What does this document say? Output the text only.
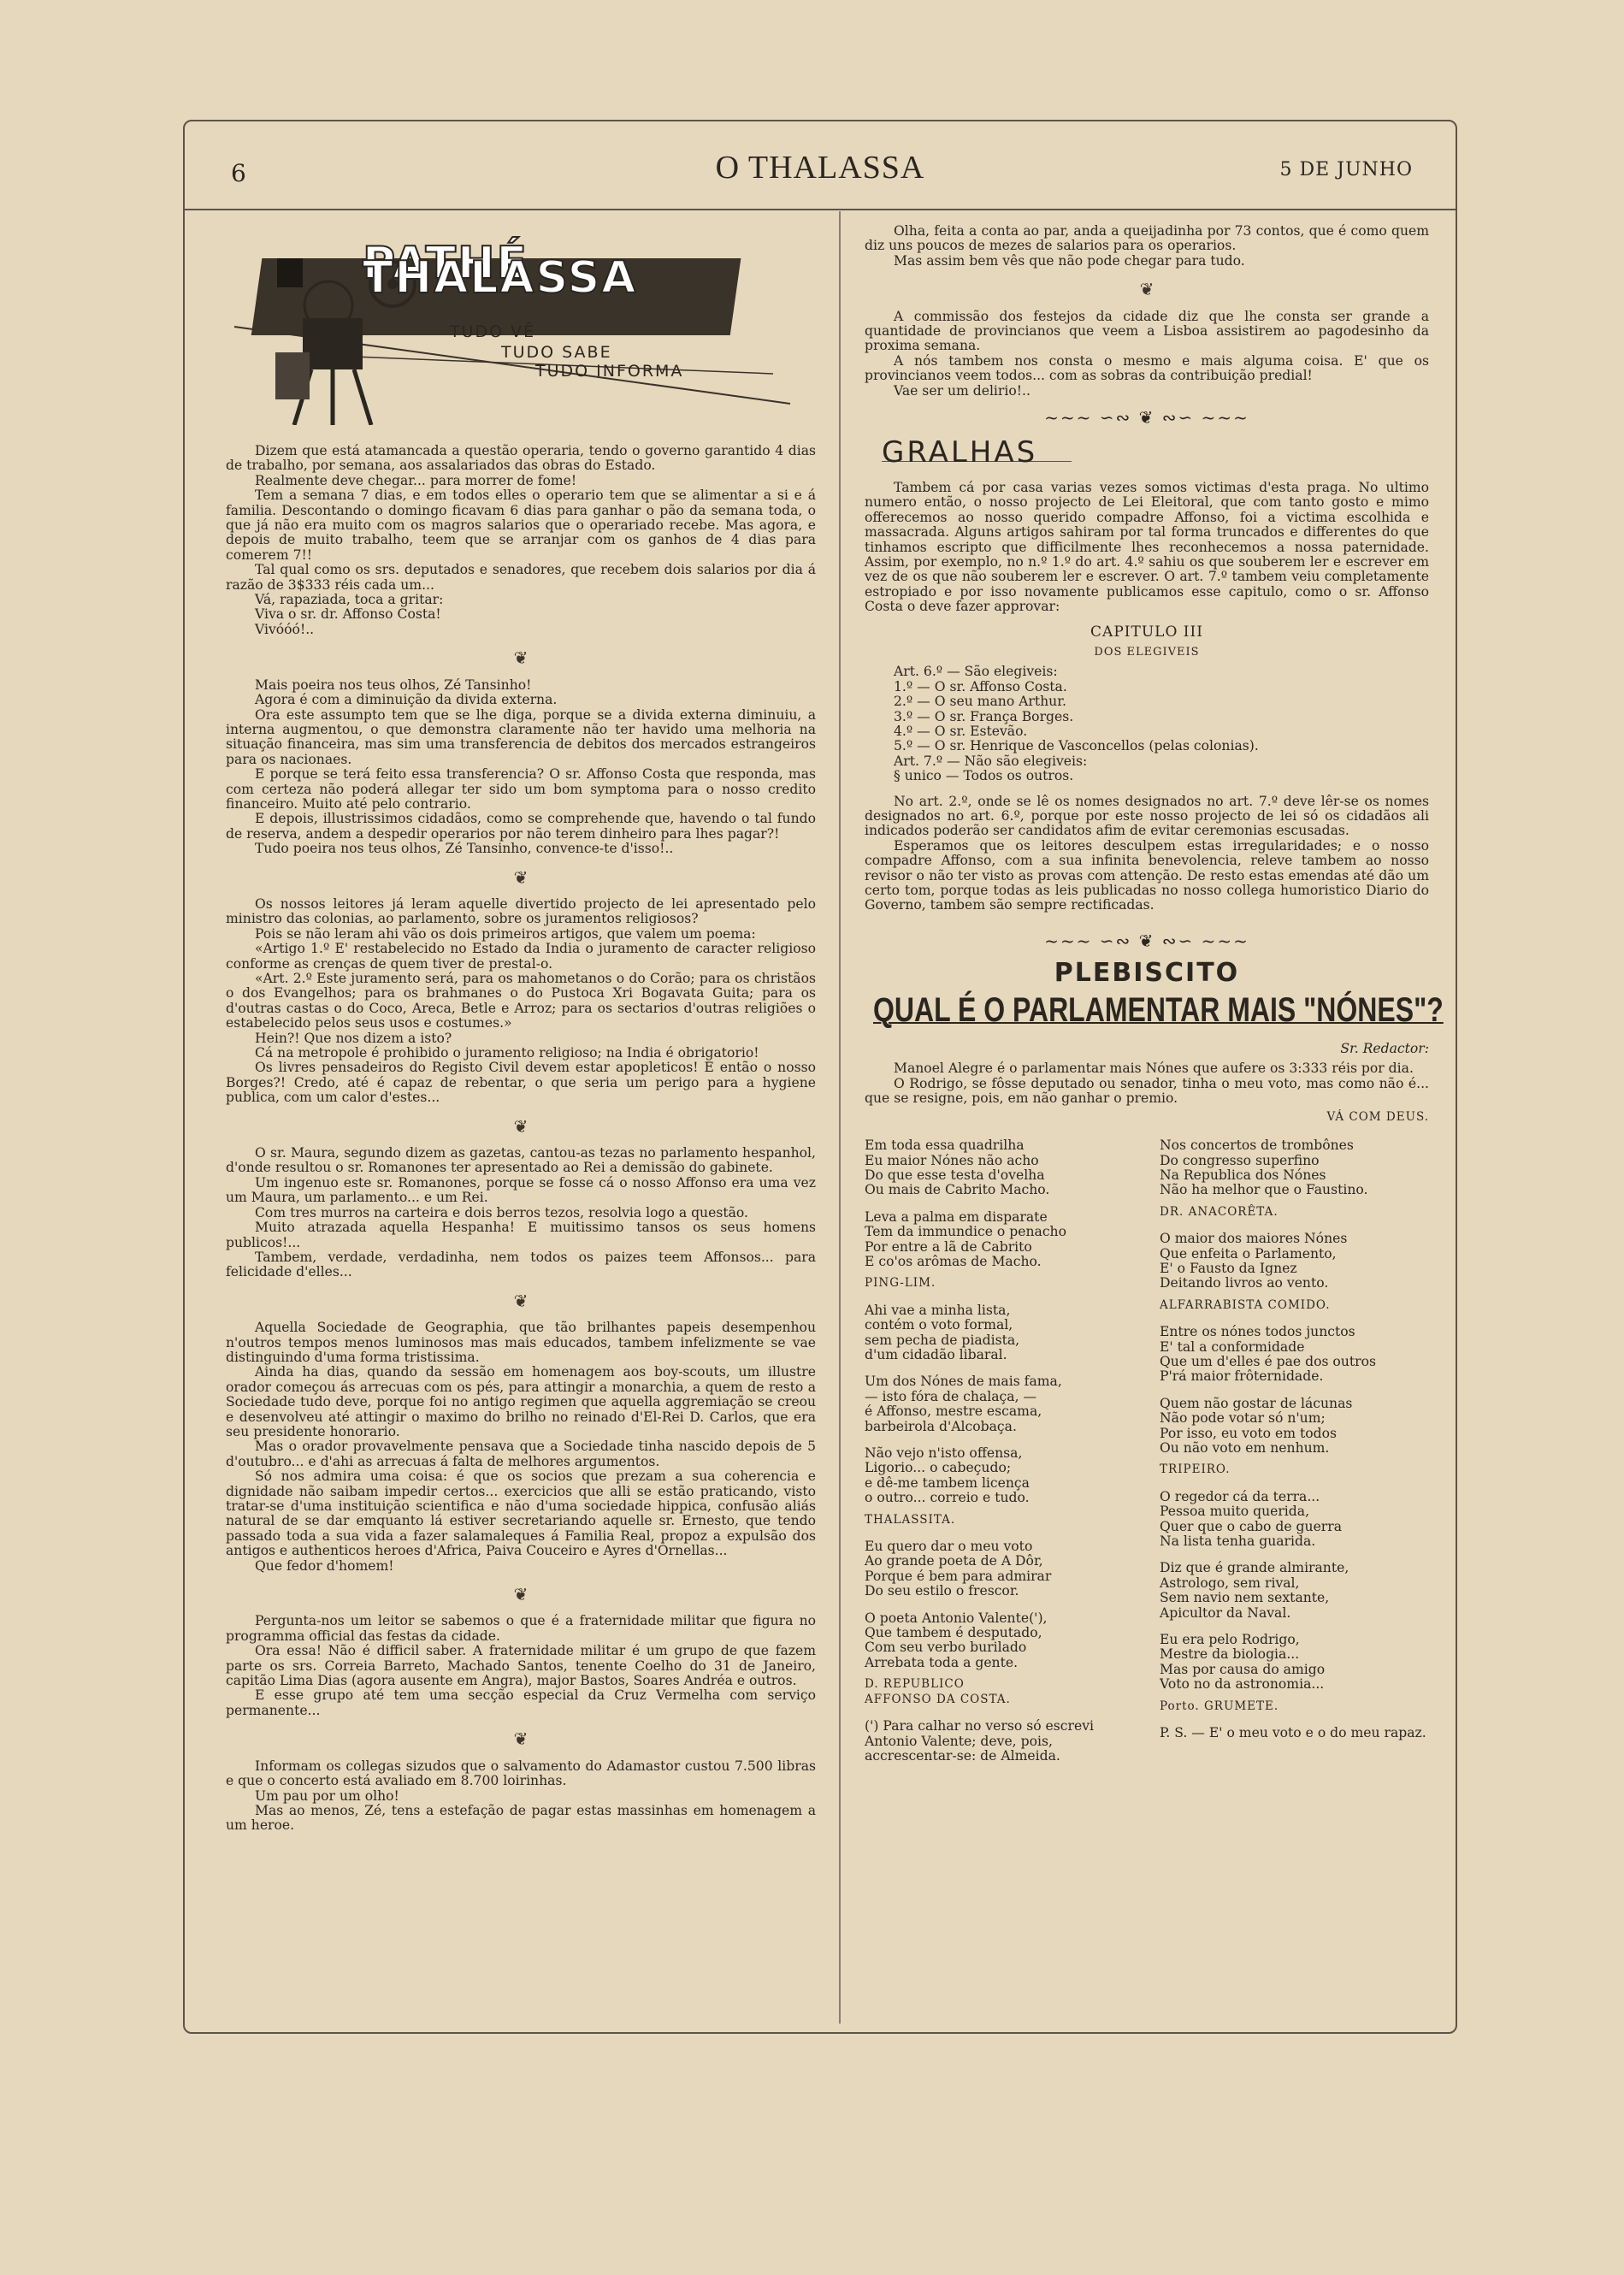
6	O THALASSA	5 DE JUNHO
PATHÉ THALASSA
TUDO VÊ
TUDO SABE
TUDO INFORMA

Dizem que está atamancada a questão operaria, tendo o governo garantido 4 dias de trabalho, por semana, aos assalariados das obras do Estado.

Realmente deve chegar... para morrer de fome!

Tem a semana 7 dias, e em todos elles o operario tem que se alimentar a si e á familia. Descontando o domingo ficavam 6 dias para ganhar o pão da semana toda, o que já não era muito com os magros salarios que o operariado recebe. Mas agora, e depois de muito trabalho, teem que se arranjar com os ganhos de 4 dias para comerem 7!!

Tal qual como os srs. deputados e senadores, que recebem dois salarios por dia á razão de 3$333 réis cada um...

Vá, rapaziada, toca a gritar:

Viva o sr. dr. Affonso Costa!

Vivóóó!..

❦

Mais poeira nos teus olhos, Zé Tansinho!

Agora é com a diminuição da divida externa.

Ora este assumpto tem que se lhe diga, porque se a divida externa diminuiu, a interna augmentou, o que demonstra claramente não ter havido uma melhoria na situação financeira, mas sim uma transferencia de debitos dos mercados estrangeiros para os nacionaes.

E porque se terá feito essa transferencia? O sr. Affonso Costa que responda, mas com certeza não poderá allegar ter sido um bom symptoma para o nosso credito financeiro. Muito até pelo contrario.

E depois, illustrissimos cidadãos, como se comprehende que, havendo o tal fundo de reserva, andem a despedir operarios por não terem dinheiro para lhes pagar?!

Tudo poeira nos teus olhos, Zé Tansinho, convence-te d'isso!..

❦

Os nossos leitores já leram aquelle divertido projecto de lei apresentado pelo ministro das colonias, ao parlamento, sobre os juramentos religiosos?

Pois se não leram ahi vão os dois primeiros artigos, que valem um poema:

«Artigo 1.º E' restabelecido no Estado da India o juramento de caracter religioso conforme as crenças de quem tiver de prestal-o.

«Art. 2.º Este juramento será, para os mahometanos o do Corão; para os christãos o dos Evangelhos; para os brahmanes o do Pustoca Xri Bogavata Guita; para os d'outras castas o do Coco, Areca, Betle e Arroz; para os sectarios d'outras religiões o estabelecido pelos seus usos e costumes.»

Hein?! Que nos dizem a isto?

Cá na metropole é prohibido o juramento religioso; na India é obrigatorio!

Os livres pensadeiros do Registo Civil devem estar apopleticos! E então o nosso Borges?! Credo, até é capaz de rebentar, o que seria um perigo para a hygiene publica, com um calor d'estes...

❦

O sr. Maura, segundo dizem as gazetas, cantou-as tezas no parlamento hespanhol, d'onde resultou o sr. Romanones ter apresentado ao Rei a demissão do gabinete.

Um ingenuo este sr. Romanones, porque se fosse cá o nosso Affonso era uma vez um Maura, um parlamento... e um Rei.

Com tres murros na carteira e dois berros tezos, resolvia logo a questão.

Muito atrazada aquella Hespanha! E muitissimo tansos os seus homens publicos!...

Tambem, verdade, verdadinha, nem todos os paizes teem Affonsos... para felicidade d'elles...

❦

Aquella Sociedade de Geographia, que tão brilhantes papeis desempenhou n'outros tempos menos luminosos mas mais educados, tambem infelizmente se vae distinguindo d'uma forma tristissima.

Ainda ha dias, quando da sessão em homenagem aos boy-scouts, um illustre orador começou ás arrecuas com os pés, para attingir a monarchia, a quem de resto a Sociedade tudo deve, porque foi no antigo regimen que aquella aggremiação se creou e desenvolveu até attingir o maximo do brilho no reinado d'El-Rei D. Carlos, que era seu presidente honorario.

Mas o orador provavelmente pensava que a Sociedade tinha nascido depois de 5 d'outubro... e d'ahi as arrecuas á falta de melhores argumentos.

Só nos admira uma coisa: é que os socios que prezam a sua coherencia e dignidade não saibam impedir certos... exercicios que alli se estão praticando, visto tratar-se d'uma instituição scientifica e não d'uma sociedade hippica, confusão aliás natural de se dar emquanto lá estiver secretariando aquelle sr. Ernesto, que tendo passado toda a sua vida a fazer salamaleques á Familia Real, propoz a expulsão dos antigos e authenticos heroes d'Africa, Paiva Couceiro e Ayres d'Ornellas...

Que fedor d'homem!

❦

Pergunta-nos um leitor se sabemos o que é a fraternidade militar que figura no programma official das festas da cidade.

Ora essa! Não é difficil saber. A fraternidade militar é um grupo de que fazem parte os srs. Correia Barreto, Machado Santos, tenente Coelho do 31 de Janeiro, capitão Lima Dias (agora ausente em Angra), major Bastos, Soares Andréa e outros.

E esse grupo até tem uma secção especial da Cruz Vermelha com serviço permanente...

❦

Informam os collegas sizudos que o salvamento do Adamastor custou 7.500 libras e que o concerto está avaliado em 8.700 loirinhas.

Um pau por um olho!

Mas ao menos, Zé, tens a estefação de pagar estas massinhas em homenagem a um heroe.

Olha, feita a conta ao par, anda a queijadinha por 73 contos, que é como quem diz uns poucos de mezes de salarios para os operarios.

Mas assim bem vês que não pode chegar para tudo.

❦

A commissão dos festejos da cidade diz que lhe consta ser grande a quantidade de provincianos que veem a Lisboa assistirem ao pagodesinho da proxima semana.

A nós tambem nos consta o mesmo e mais alguma coisa. E' que os provincianos veem todos... com as sobras da contribuição predial!

Vae ser um delirio!..

~~~ ∽∾ ❦ ∾∽ ~~~
GRALHAS

Tambem cá por casa varias vezes somos victimas d'esta praga. No ultimo numero então, o nosso projecto de Lei Eleitoral, que com tanto gosto e mimo offerecemos ao nosso querido compadre Affonso, foi a victima escolhida e massacrada. Alguns artigos sahiram por tal forma truncados e differentes do que tinhamos escripto que difficilmente lhes reconhecemos a nossa paternidade. Assim, por exemplo, no n.º 1.º do art. 4.º sahiu os que souberem ler e escrever em vez de os que não souberem ler e escrever. O art. 7.º tambem veiu completamente estropiado e por isso novamente publicamos esse capitulo, como o sr. Affonso Costa o deve fazer approvar:

CAPITULO III
DOS ELEGIVEIS
Art. 6.º — São elegiveis:
1.º — O sr. Affonso Costa.
2.º — O seu mano Arthur.
3.º — O sr. França Borges.
4.º — O sr. Estevão.
5.º — O sr. Henrique de Vasconcellos (pelas colonias).
Art. 7.º — Não são elegiveis:
§ unico — Todos os outros.

No art. 2.º, onde se lê os nomes designados no art. 7.º deve lêr-se os nomes designados no art. 6.º, porque por este nosso projecto de lei só os cidadãos ali indicados poderão ser candidatos afim de evitar ceremonias escusadas.

Esperamos que os leitores desculpem estas irregularidades; e o nosso compadre Affonso, com a sua infinita benevolencia, releve tambem ao nosso revisor o não ter visto as provas com attenção. De resto estas emendas até dão um certo tom, porque todas as leis publicadas no nosso collega humoristico Diario do Governo, tambem são sempre rectificadas.

~~~ ∽∾ ❦ ∾∽ ~~~
PLEBISCITO
QUAL É O PARLAMENTAR MAIS "NÓNES"?
Sr. Redactor:

Manoel Alegre é o parlamentar mais Nónes que aufere os 3:333 réis por dia.

O Rodrigo, se fôsse deputado ou senador, tinha o meu voto, mas como não é... que se resigne, pois, em não ganhar o premio.

VÁ COM DEUS.
Em toda essa quadrilha
Eu maior Nónes não acho
Do que esse testa d'ovelha
Ou mais de Cabrito Macho.
Leva a palma em disparate
Tem da immundice o penacho
Por entre a lã de Cabrito
E co'os arômas de Macho.
PING-LIM.
Ahi vae a minha lista,
contém o voto formal,
sem pecha de piadista,
d'um cidadão libaral.
Um dos Nónes de mais fama,
— isto fóra de chalaça, —
é Affonso, mestre escama,
barbeirola d'Alcobaça.
Não vejo n'isto offensa,
Ligorio... o cabeçudo;
e dê-me tambem licença
o outro... correio e tudo.
THALASSITA.
Eu quero dar o meu voto
Ao grande poeta de A Dôr,
Porque é bem para admirar
Do seu estilo o frescor.
O poeta Antonio Valente('),
Que tambem é desputado,
Com seu verbo burilado
Arrebata toda a gente.
D. REPUBLICO
AFFONSO DA COSTA.
(') Para calhar no verso só escrevi Antonio Valente; deve, pois, accrescentar-se: de Almeida.
Nos concertos de trombônes
Do congresso superfino
Na Republica dos Nónes
Não ha melhor que o Faustino.
DR. ANACORÊTA.
O maior dos maiores Nónes
Que enfeita o Parlamento,
E' o Fausto da Ignez
Deitando livros ao vento.
ALFARRABISTA COMIDO.
Entre os nónes todos junctos
E' tal a conformidade
Que um d'elles é pae dos outros
P'rá maior frôternidade.
Quem não gostar de lácunas
Não pode votar só n'um;
Por isso, eu voto em todos
Ou não voto em nenhum.
TRIPEIRO.
O regedor cá da terra...
Pessoa muito querida,
Quer que o cabo de guerra
Na lista tenha guarida.
Diz que é grande almirante,
Astrologo, sem rival,
Sem navio nem sextante,
Apicultor da Naval.
Eu era pelo Rodrigo,
Mestre da biologia...
Mas por causa do amigo
Voto no da astronomia...
Porto. GRUMETE.
P. S. — E' o meu voto e o do meu rapaz.
